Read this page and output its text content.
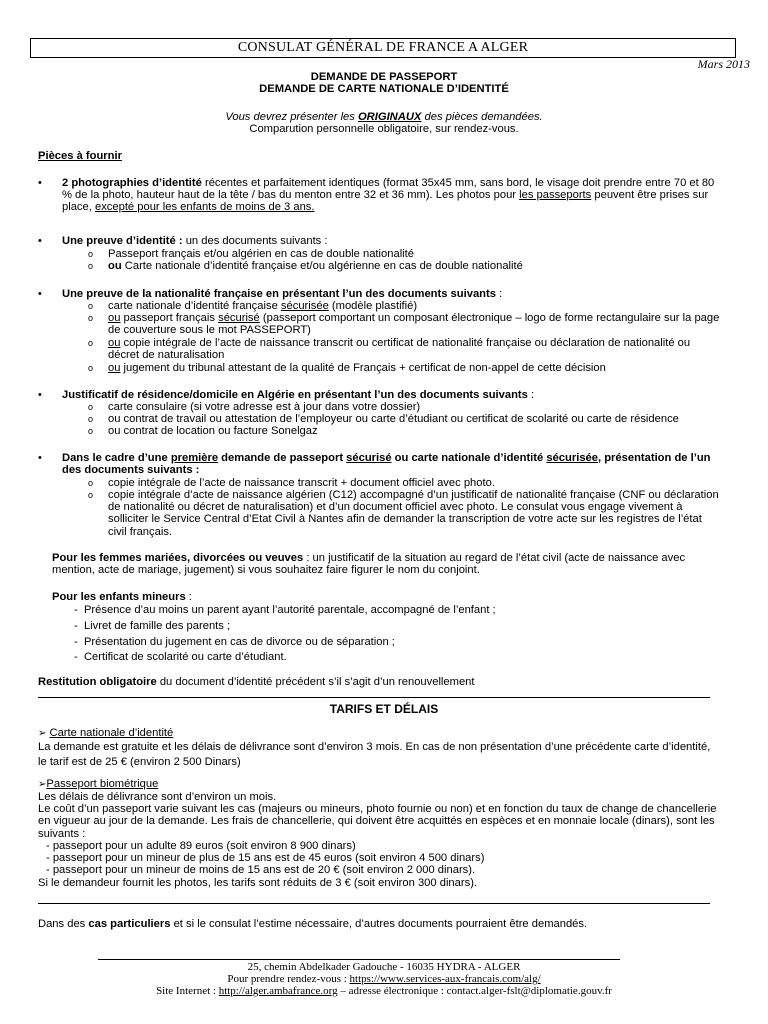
CONSULAT GÉNÉRAL DE FRANCE A ALGER
Mars 2013
DEMANDE DE PASSEPORT
DEMANDE DE CARTE NATIONALE D’IDENTITÉ
Vous devrez présenter les ORIGINAUX des pièces demandées.
Comparution personnelle obligatoire, sur rendez-vous.
Pièces à fournir
• 2 photographies d’identité récentes et parfaitement identiques (format 35x45 mm, sans bord, le visage doit prendre entre 70 et 80
% de la photo, hauteur haut de la tête / bas du menton entre 32 et 36 mm). Les photos pour les passeports peuvent être prises sur
place, excepté pour les enfants de moins de 3 ans.
• Une preuve d’identité : un des documents suivants :
o Passeport français et/ou algérien en cas de double nationalité
o ou Carte nationale d’identité française et/ou algérienne en cas de double nationalité
• Une preuve de la nationalité française en présentant l’un des documents suivants :
o carte nationale d’identité française sécurisée (modèle plastifié)
o ou passeport français sécurisé (passeport comportant un composant électronique – logo de forme rectangulaire sur la page
de couverture sous le mot PASSEPORT)
o ou copie intégrale de l’acte de naissance transcrit ou certificat de nationalité française ou déclaration de nationalité ou
décret de naturalisation
o ou jugement du tribunal attestant de la qualité de Français + certificat de non-appel de cette décision
• Justificatif de résidence/domicile en Algérie en présentant l’un des documents suivants :
o carte consulaire (si votre adresse est à jour dans votre dossier)
o ou contrat de travail ou attestation de l’employeur ou carte d’étudiant ou certificat de scolarité ou carte de résidence
o ou contrat de location ou facture Sonelgaz
• Dans le cadre d’une première demande de passeport sécurisé ou carte nationale d’identité sécurisée, présentation de l’un
des documents suivants :
o copie intégrale de l’acte de naissance transcrit + document officiel avec photo.
o copie intégrale d’acte de naissance algérien (C12) accompagné d’un justificatif de nationalité française (CNF ou déclaration
de nationalité ou décret de naturalisation) et d’un document officiel avec photo. Le consulat vous engage vivement à
solliciter le Service Central d’Etat Civil à Nantes afin de demander la transcription de votre acte sur les registres de l’état
civil français.
Pour les femmes mariées, divorcées ou veuves : un justificatif de la situation au regard de l’état civil (acte de naissance avec
mention, acte de mariage, jugement) si vous souhaitez faire figurer le nom du conjoint.
Pour les enfants mineurs :
-  Présence d’au moins un parent ayant l’autorité parentale, accompagné de l’enfant ;
-  Livret de famille des parents ;
-  Présentation du jugement en cas de divorce ou de séparation ;
-  Certificat de scolarité ou carte d’étudiant.
Restitution obligatoire du document d’identité précédent s’il s’agit d’un renouvellement
TARIFS ET DÉLAIS
➢ Carte nationale d’identité
La demande est gratuite et les délais de délivrance sont d’environ 3 mois. En cas de non présentation d’une précédente carte d’identité,
le tarif est de 25 € (environ 2 500 Dinars)
➢Passeport biométrique
Les délais de délivrance sont d’environ un mois.
Le coût d’un passeport varie suivant les cas (majeurs ou mineurs, photo fournie ou non) et en fonction du taux de change de chancellerie
en vigueur au jour de la demande. Les frais de chancellerie, qui doivent être acquittés en espèces et en monnaie locale (dinars), sont les
suivants :
- passeport pour un adulte 89 euros (soit environ 8 900 dinars)
- passeport pour un mineur de plus de 15 ans est de 45 euros (soit environ 4 500 dinars)
- passeport pour un mineur de moins de 15 ans est de 20 € (soit environ 2 000 dinars).
Si le demandeur fournit les photos, les tarifs sont réduits de 3 € (soit environ 300 dinars).
Dans des cas particuliers et si le consulat l’estime nécessaire, d’autres documents pourraient être demandés.
25, chemin Abdelkader Gadouche - 16035 HYDRA - ALGER
Pour prendre rendez-vous : https://www.services-aux-francais.com/alg/
Site Internet : http://alger.ambafrance.org – adresse électronique : contact.alger-fslt@diplomatie.gouv.fr
